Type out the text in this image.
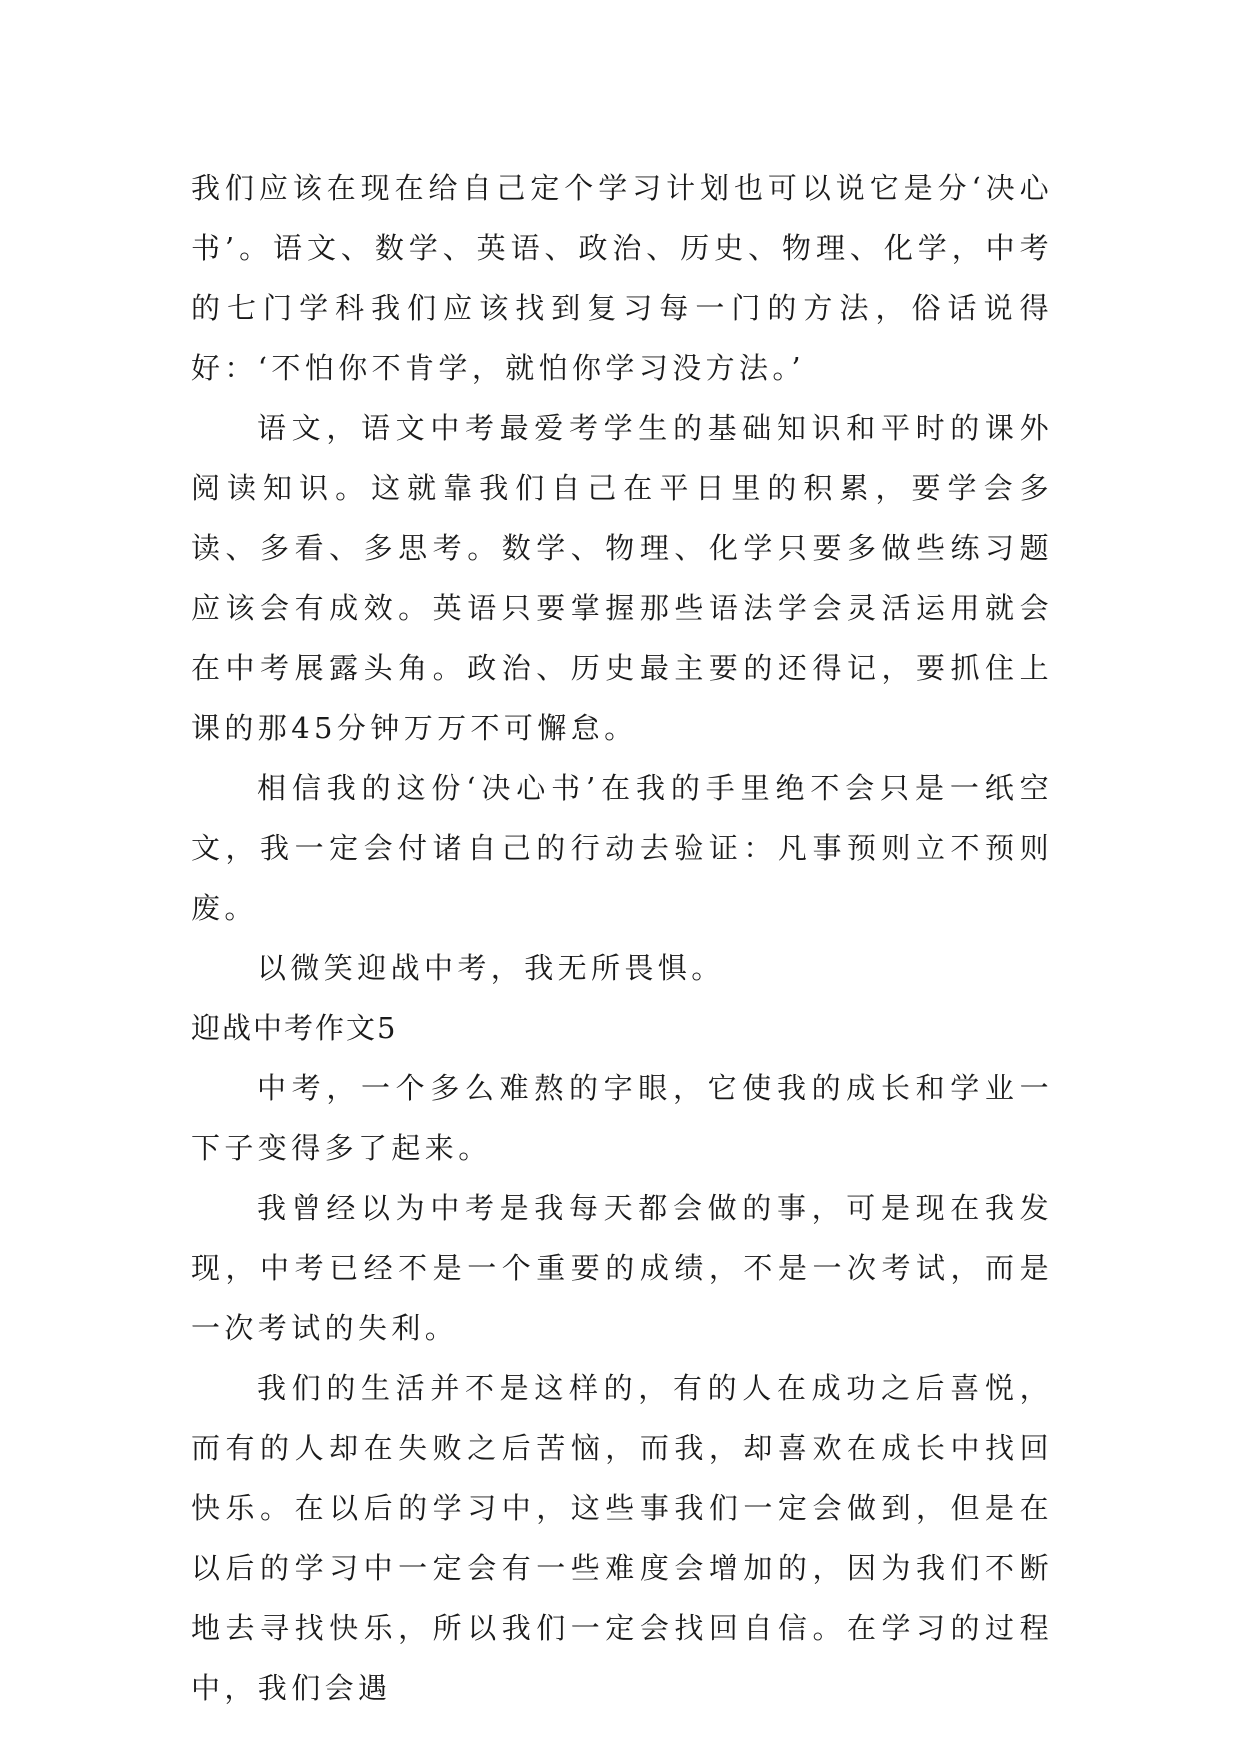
我们应该在现在给自己定个学习计划也可以说它是分‘决心书’。语文、数学、英语、政治、历史、物理、化学，中考的七门学科我们应该找到复习每一门的方法，俗话说得好：‘不怕你不肯学，就怕你学习没方法。’

语文，语文中考最爱考学生的基础知识和平时的课外阅读知识。这就靠我们自己在平日里的积累，要学会多读、多看、多思考。数学、物理、化学只要多做些练习题应该会有成效。英语只要掌握那些语法学会灵活运用就会在中考展露头角。政治、历史最主要的还得记，要抓住上课的那45分钟万万不可懈怠。

相信我的这份‘决心书’在我的手里绝不会只是一纸空文，我一定会付诸自己的行动去验证：凡事预则立不预则废。

以微笑迎战中考，我无所畏惧。

迎战中考作文5

中考，一个多么难熬的字眼，它使我的成长和学业一下子变得多了起来。

我曾经以为中考是我每天都会做的事，可是现在我发现，中考已经不是一个重要的成绩，不是一次考试，而是一次考试的失利。

我们的生活并不是这样的，有的人在成功之后喜悦，而有的人却在失败之后苦恼，而我，却喜欢在成长中找回快乐。在以后的学习中，这些事我们一定会做到，但是在以后的学习中一定会有一些难度会增加的，因为我们不断地去寻找快乐，所以我们一定会找回自信。在学习的过程中，我们会遇
